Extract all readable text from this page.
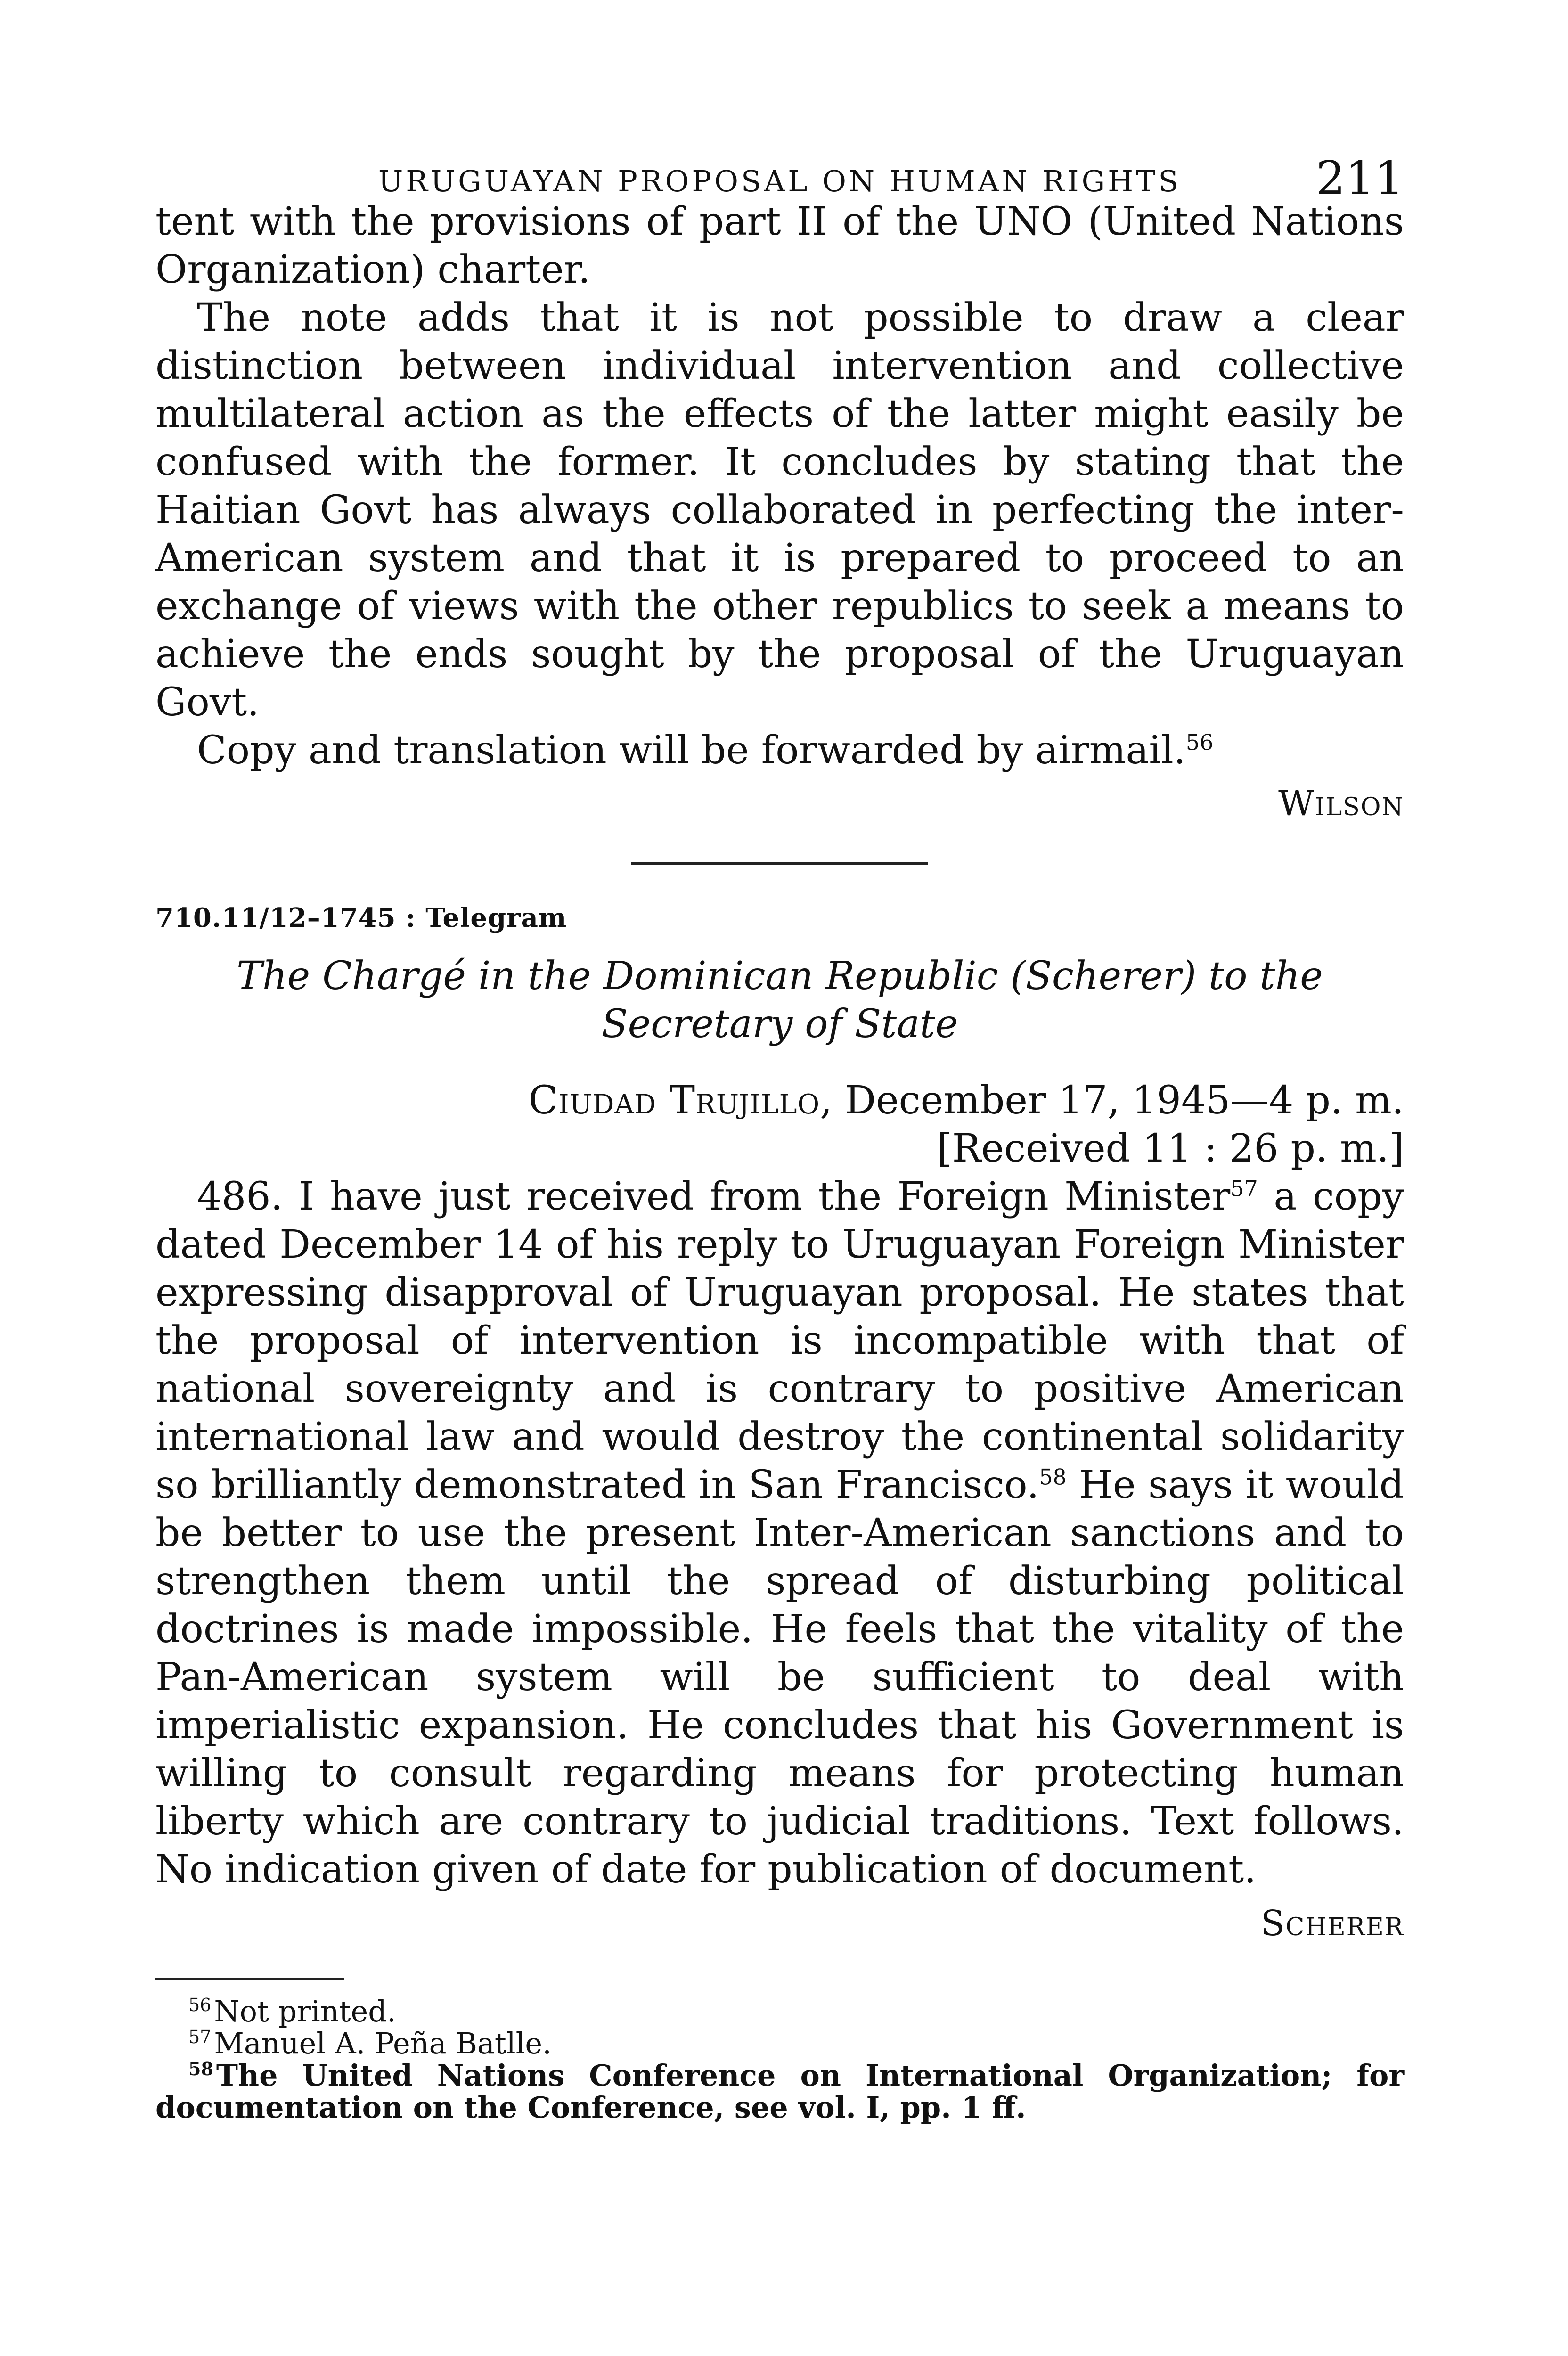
URUGUAYAN PROPOSAL ON HUMAN RIGHTS	211

tent with the provisions of part II of the UNO (United Nations Organization) charter.

The note adds that it is not possible to draw a clear distinction between individual intervention and collective multilateral action as the effects of the latter might easily be confused with the former. It concludes by stating that the Haitian Govt has always collaborated in perfecting the inter-American system and that it is prepared to proceed to an exchange of views with the other republics to seek a means to achieve the ends sought by the proposal of the Uruguayan Govt.

Copy and translation will be forwarded by airmail.$^{56}$

Wilson
710.11/12–1745 : Telegram
The Chargé in the Dominican Republic (Scherer) to the Secretary of State
Ciudad Trujillo, December 17, 1945—4 p. m.
[Received 11 : 26 p. m.]

486. I have just received from the Foreign Minister$^{57}$ a copy dated December 14 of his reply to Uruguayan Foreign Minister expressing disapproval of Uruguayan proposal. He states that the proposal of intervention is incompatible with that of national sovereignty and is contrary to positive American international law and would destroy the continental solidarity so brilliantly demonstrated in San Francisco.$^{58}$ He says it would be better to use the present Inter-American sanctions and to strengthen them until the spread of disturbing political doctrines is made impossible. He feels that the vitality of the Pan-American system will be sufficient to deal with imperialistic expansion. He concludes that his Government is willing to consult regarding means for protecting human liberty which are contrary to judicial traditions. Text follows. No indication given of date for publication of document.

Scherer
$^{56}$Not printed.
$^{57}$Manuel A. Peña Batlle.
$^{58}$The United Nations Conference on International Organization; for documentation on the Conference, see vol. I, pp. 1 ff.
